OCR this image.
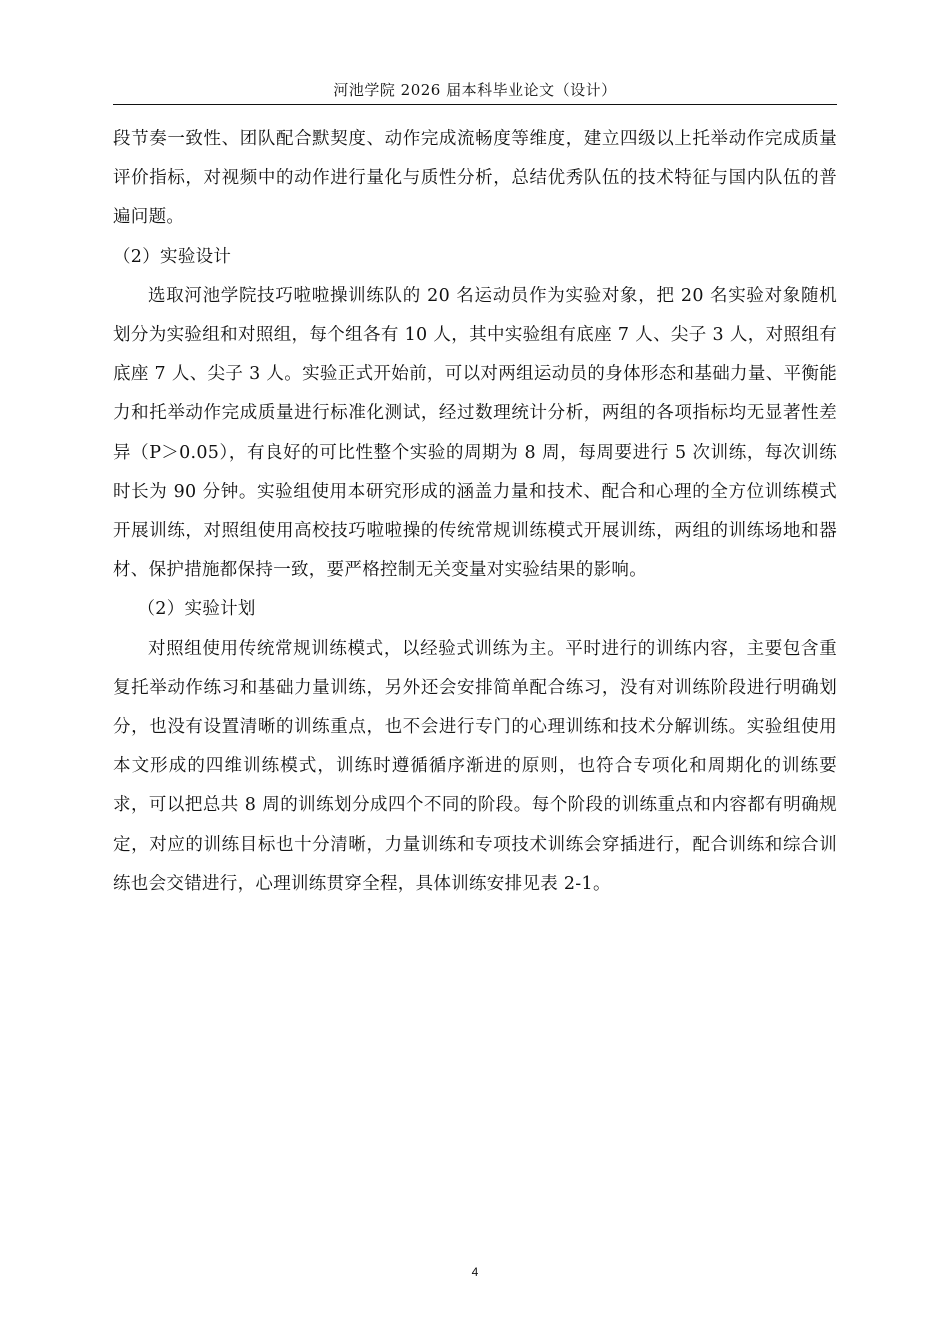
河池学院 2026 届本科毕业论文（设计）

段节奏一致性、团队配合默契度、动作完成流畅度等维度，建立四级以上托举动作完成质量评价指标，对视频中的动作进行量化与质性分析，总结优秀队伍的技术特征与国内队伍的普遍问题。

（2）实验设计

选取河池学院技巧啦啦操训练队的 20 名运动员作为实验对象，把 20 名实验对象随机划分为实验组和对照组，每个组各有 10 人，其中实验组有底座 7 人、尖子 3 人，对照组有底座 7 人、尖子 3 人。实验正式开始前，可以对两组运动员的身体形态和基础力量、平衡能力和托举动作完成质量进行标准化测试，经过数理统计分析，两组的各项指标均无显著性差异（P＞0.05），有良好的可比性整个实验的周期为 8 周，每周要进行 5 次训练，每次训练时长为 90 分钟。实验组使用本研究形成的涵盖力量和技术、配合和心理的全方位训练模式开展训练，对照组使用高校技巧啦啦操的传统常规训练模式开展训练，两组的训练场地和器材、保护措施都保持一致，要严格控制无关变量对实验结果的影响。

（2）实验计划

对照组使用传统常规训练模式，以经验式训练为主。平时进行的训练内容，主要包含重复托举动作练习和基础力量训练，另外还会安排简单配合练习，没有对训练阶段进行明确划分，也没有设置清晰的训练重点，也不会进行专门的心理训练和技术分解训练。实验组使用本文形成的四维训练模式，训练时遵循循序渐进的原则，也符合专项化和周期化的训练要求，可以把总共 8 周的训练划分成四个不同的阶段。每个阶段的训练重点和内容都有明确规定，对应的训练目标也十分清晰，力量训练和专项技术训练会穿插进行，配合训练和综合训练也会交错进行，心理训练贯穿全程，具体训练安排见表 2-1。

4
